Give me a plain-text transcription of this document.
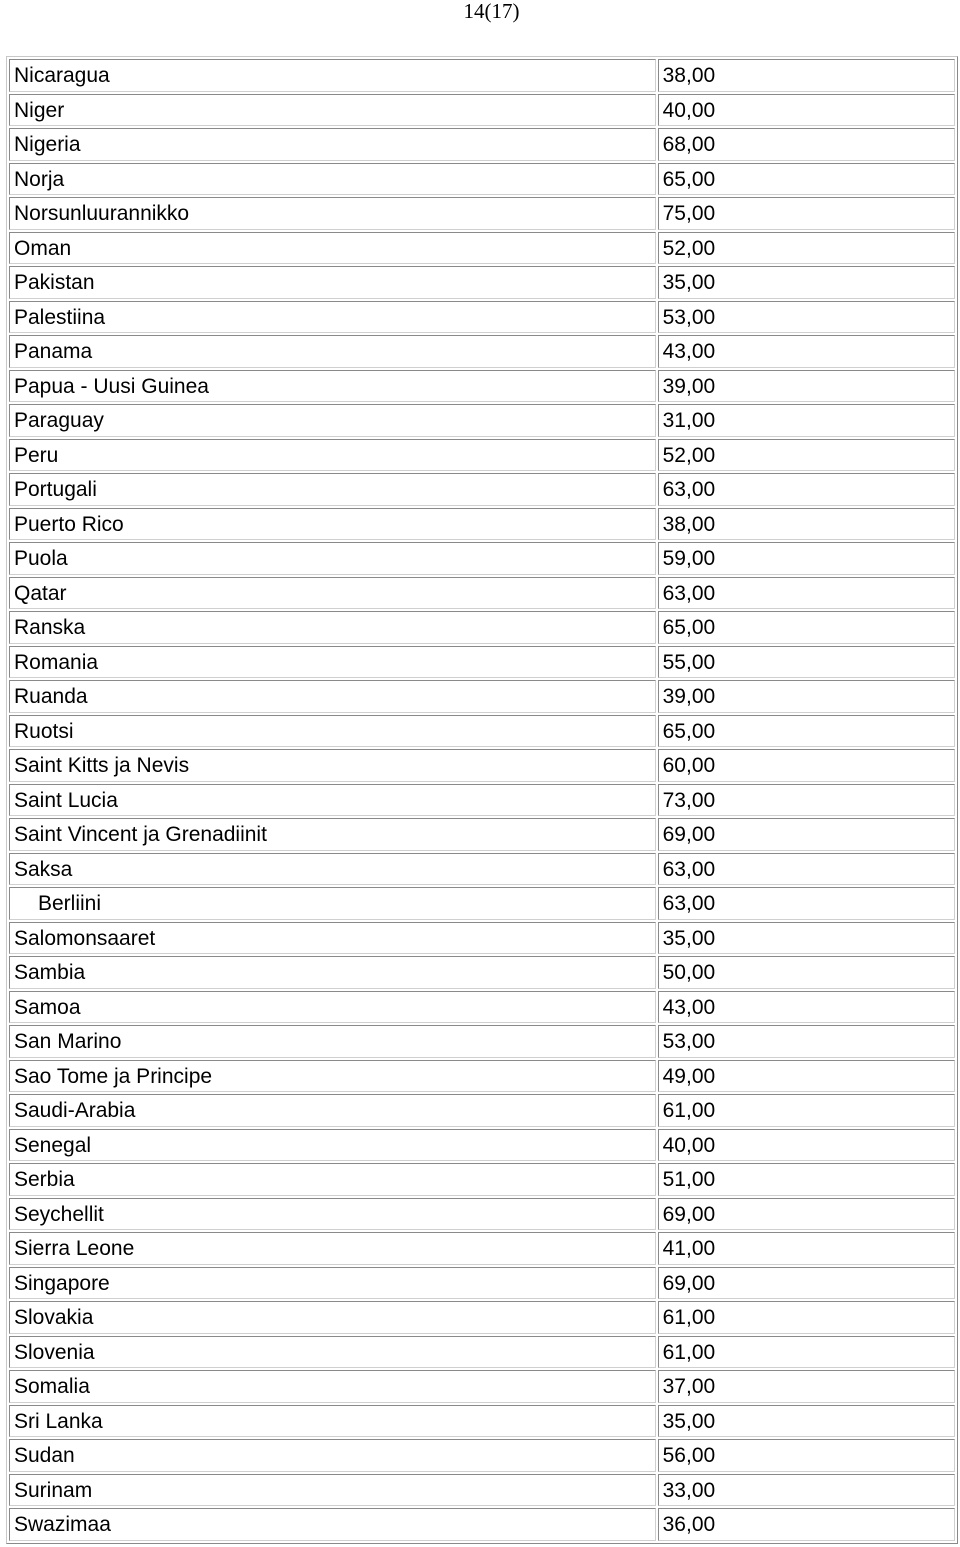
14(17)
Nicaragua	38,00
Niger	40,00
Nigeria	68,00
Norja	65,00
Norsunluurannikko	75,00
Oman	52,00
Pakistan	35,00
Palestiina	53,00
Panama	43,00
Papua - Uusi Guinea	39,00
Paraguay	31,00
Peru	52,00
Portugali	63,00
Puerto Rico	38,00
Puola	59,00
Qatar	63,00
Ranska	65,00
Romania	55,00
Ruanda	39,00
Ruotsi	65,00
Saint Kitts ja Nevis	60,00
Saint Lucia	73,00
Saint Vincent ja Grenadiinit	69,00
Saksa	63,00
Berliini	63,00
Salomonsaaret	35,00
Sambia	50,00
Samoa	43,00
San Marino	53,00
Sao Tome ja Principe	49,00
Saudi-Arabia	61,00
Senegal	40,00
Serbia	51,00
Seychellit	69,00
Sierra Leone	41,00
Singapore	69,00
Slovakia	61,00
Slovenia	61,00
Somalia	37,00
Sri Lanka	35,00
Sudan	56,00
Surinam	33,00
Swazimaa	36,00
